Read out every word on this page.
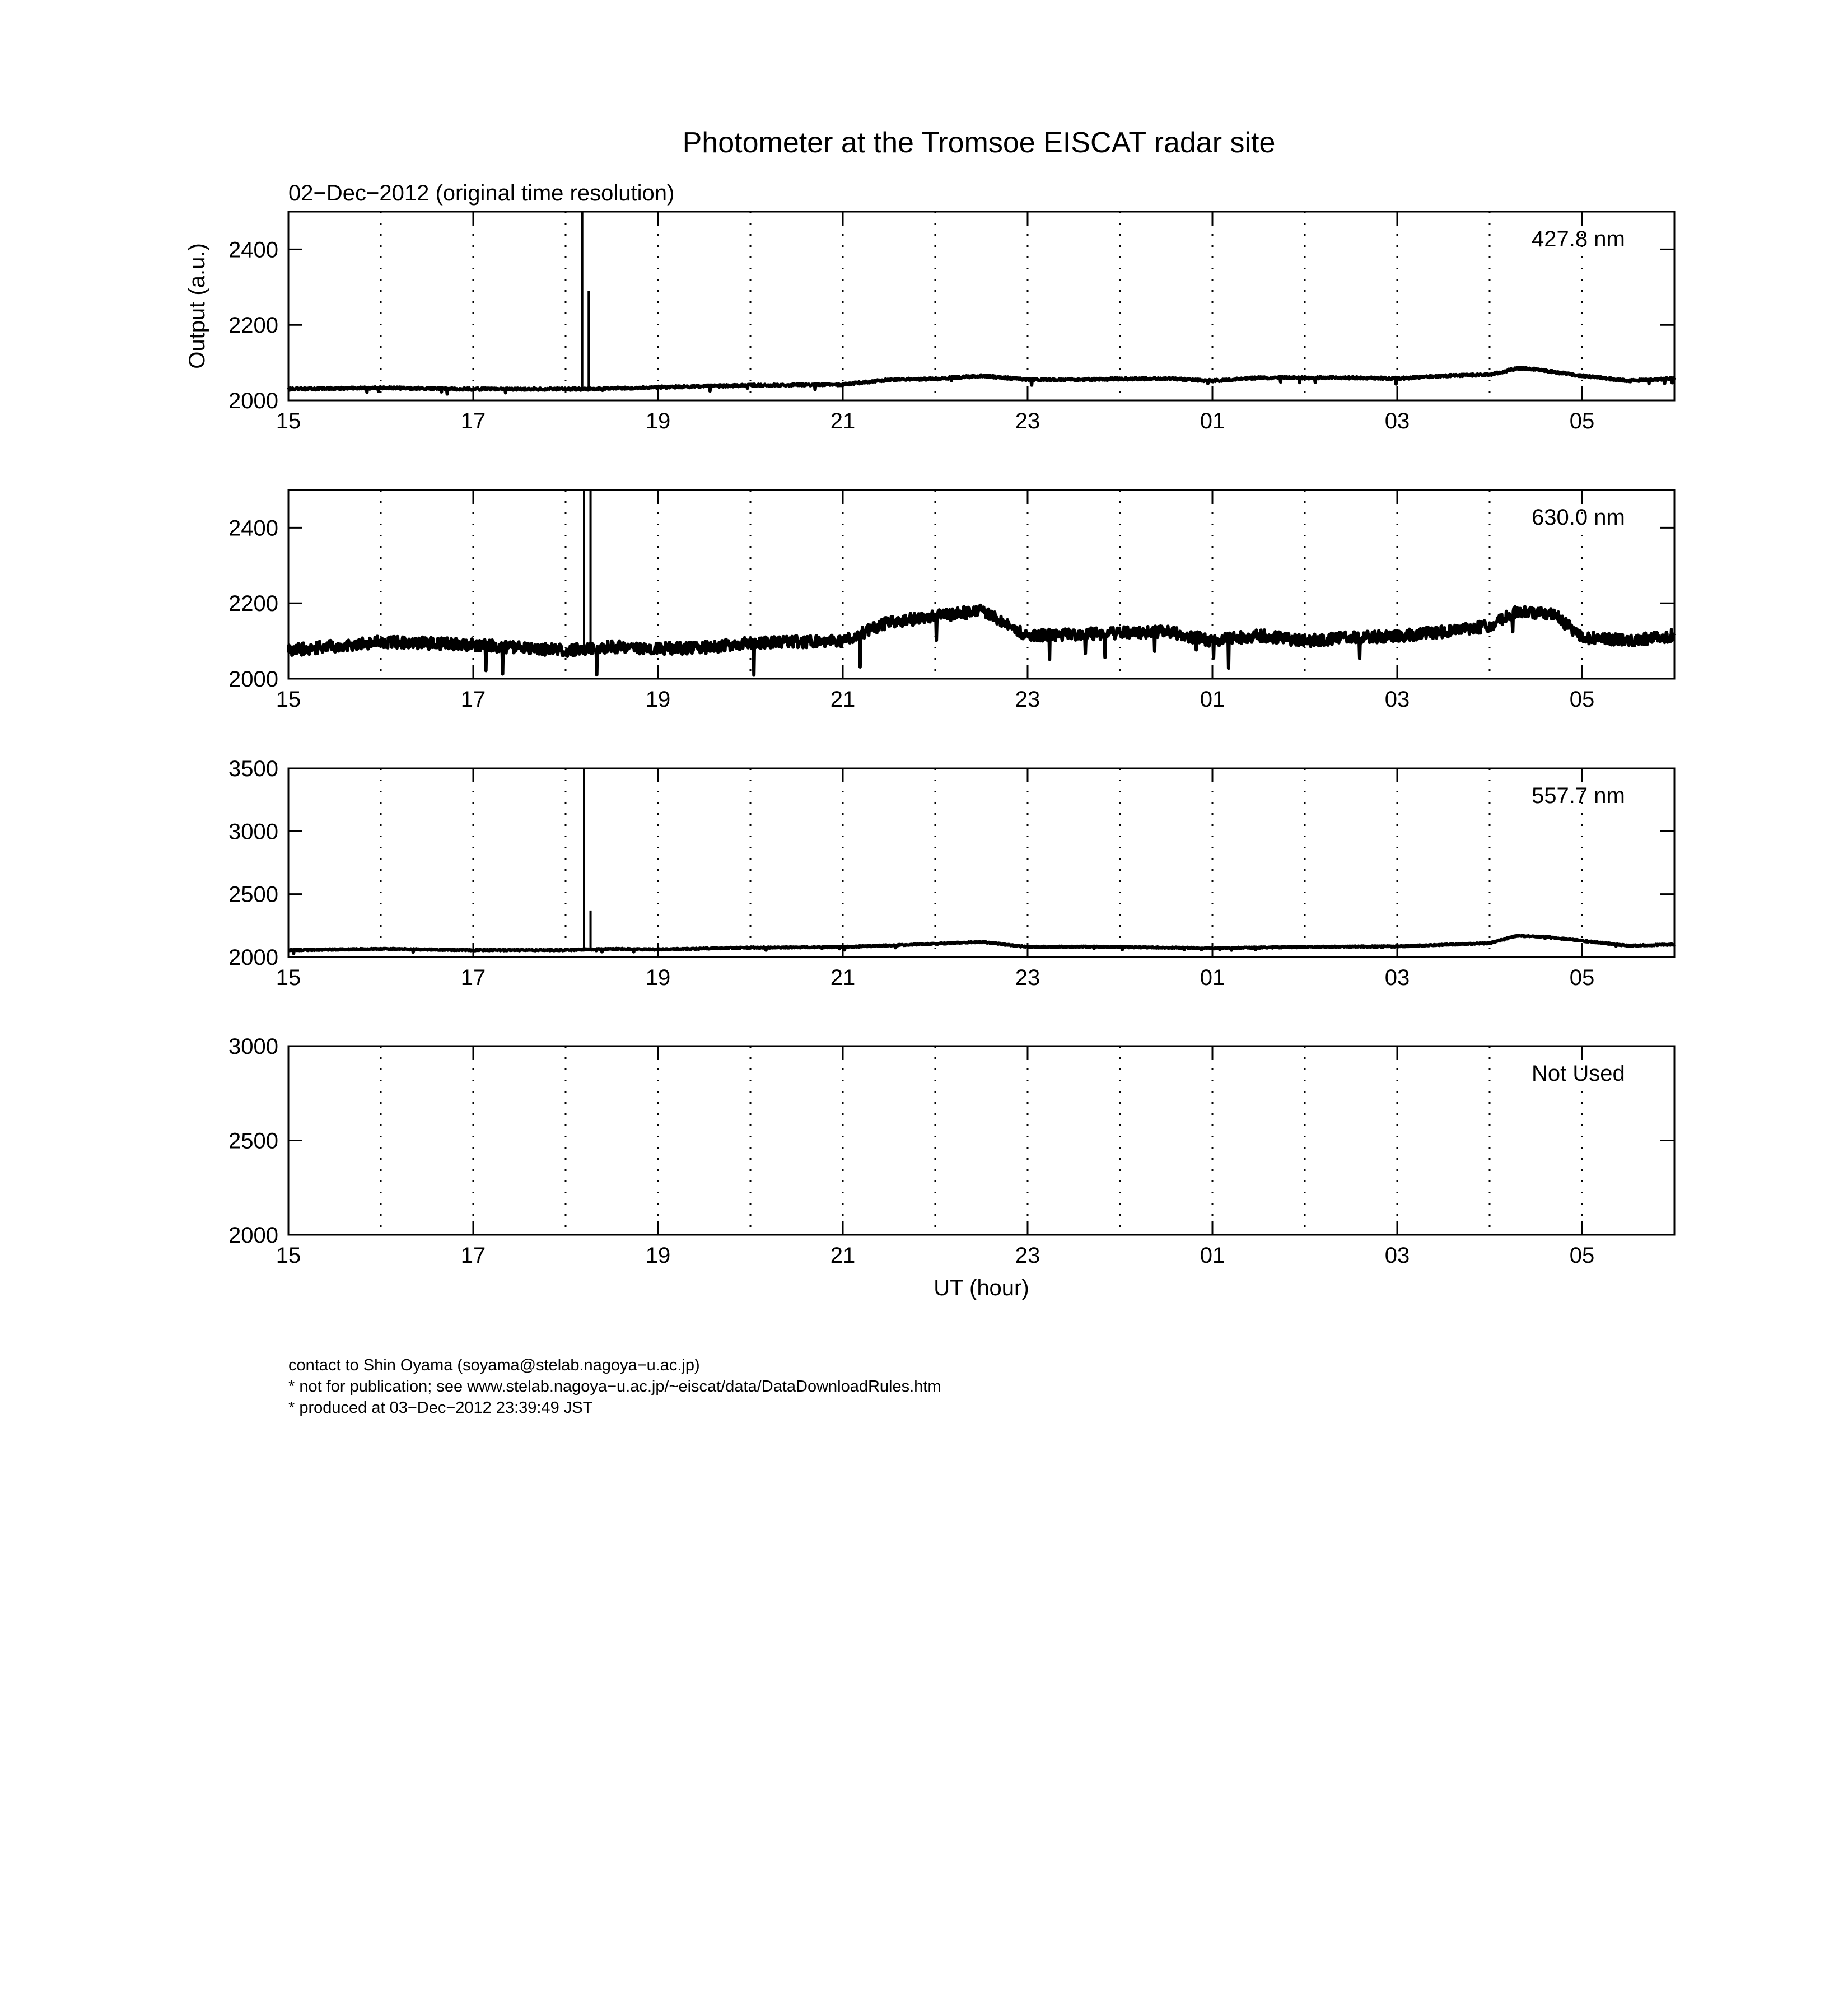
Photometer at the Tromsoe EISCAT radar site
02−Dec−2012 (original time resolution)
15	17	19	21	23	01	03	05
2000
2200
2400	427.8 nm
Output (a.u.)
15	17	19	21	23	01	03	05
2000
2200
2400	630.0 nm
15	17	19	21	23	01	03	05
2000
2500
3000
3500
557.7 nm
15	17	19	21	23	01	03	05
2000
2500
3000
Not Used
UT (hour)
contact to Shin Oyama (soyama@stelab.nagoya−u.ac.jp)
* not for publication; see www.stelab.nagoya−u.ac.jp/~eiscat/data/DataDownloadRules.htm
* produced at 03−Dec−2012 23:39:49 JST
